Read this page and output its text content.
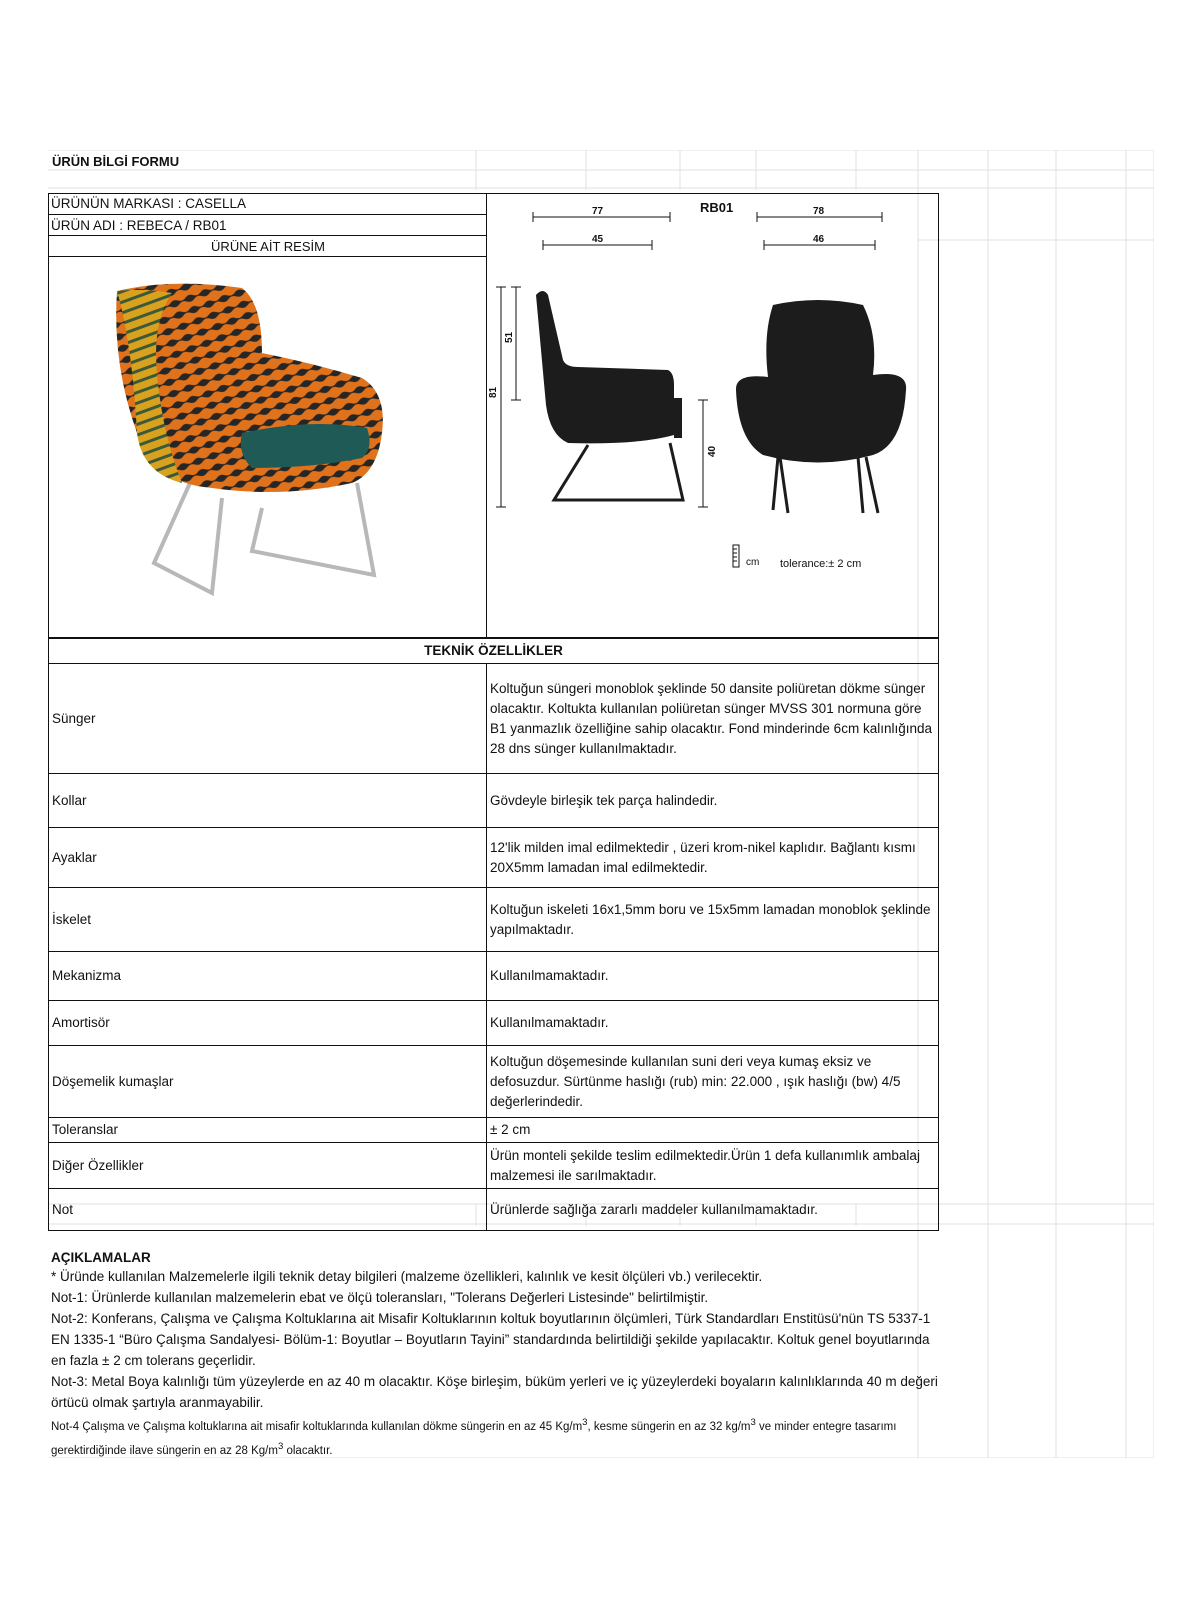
ÜRÜN BİLGİ FORMU
ÜRÜNÜN MARKASI : CASELLA
ÜRÜN ADI : REBECA / RB01
ÜRÜNE AİT RESİM
RB01
77
45
78
46
81
51
40
cm tolerance:± 2 cm
TEKNİK ÖZELLİKLER	
Sünger	Koltuğun süngeri monoblok şeklinde 50 dansite poliüretan dökme sünger olacaktır. Koltukta kullanılan poliüretan sünger MVSS 301 normuna göre B1 yanmazlık özelliğine sahip olacaktır. Fond minderinde 6cm kalınlığında 28 dns sünger kullanılmaktadır.
Kollar	Gövdeyle birleşik tek parça halindedir.
Ayaklar	12'lik milden imal edilmektedir , üzeri krom-nikel kaplıdır. Bağlantı kısmı 20X5mm lamadan imal edilmektedir.
İskelet	Koltuğun iskeleti 16x1,5mm boru ve 15x5mm lamadan monoblok şeklinde yapılmaktadır.
Mekanizma	Kullanılmamaktadır.
Amortisör	Kullanılmamaktadır.
Döşemelik kumaşlar	Koltuğun döşemesinde kullanılan suni deri veya kumaş eksiz ve defosuzdur. Sürtünme haslığı (rub) min: 22.000 , ışık haslığı (bw) 4/5 değerlerindedir.
Toleranslar	± 2 cm
Diğer Özellikler	Ürün monteli şekilde teslim edilmektedir.Ürün 1 defa kullanımlık ambalaj malzemesi ile sarılmaktadır.
Not	Ürünlerde sağlığa zararlı maddeler kullanılmamaktadır.
AÇIKLAMALAR
* Üründe kullanılan Malzemelerle ilgili teknik detay bilgileri (malzeme özellikleri, kalınlık ve kesit ölçüleri vb.) verilecektir.
Not-1: Ürünlerde kullanılan malzemelerin ebat ve ölçü toleransları, "Tolerans Değerleri Listesinde" belirtilmiştir.
Not-2: Konferans, Çalışma ve Çalışma Koltuklarına ait Misafir Koltuklarının koltuk boyutlarının ölçümleri, Türk Standardları Enstitüsü'nün TS 5337-1 EN 1335-1 “Büro Çalışma Sandalyesi- Bölüm-1: Boyutlar – Boyutların Tayini” standardında belirtildiği şekilde yapılacaktır. Koltuk genel boyutlarında en fazla ± 2 cm tolerans geçerlidir.
Not-3: Metal Boya kalınlığı tüm yüzeylerde en az 40 m olacaktır. Köşe birleşim, büküm yerleri ve iç yüzeylerdeki boyaların kalınlıklarında 40 m değeri örtücü olmak şartıyla aranmayabilir.
Not-4 Çalışma ve Çalışma koltuklarına ait misafir koltuklarında kullanılan dökme süngerin en az 45 $Kg/m^3$, kesme süngerin en az 32 $kg/m^3$ ve minder entegre tasarımı gerektirdiğinde ilave süngerin en az 28 $Kg/m^3$ olacaktır.
